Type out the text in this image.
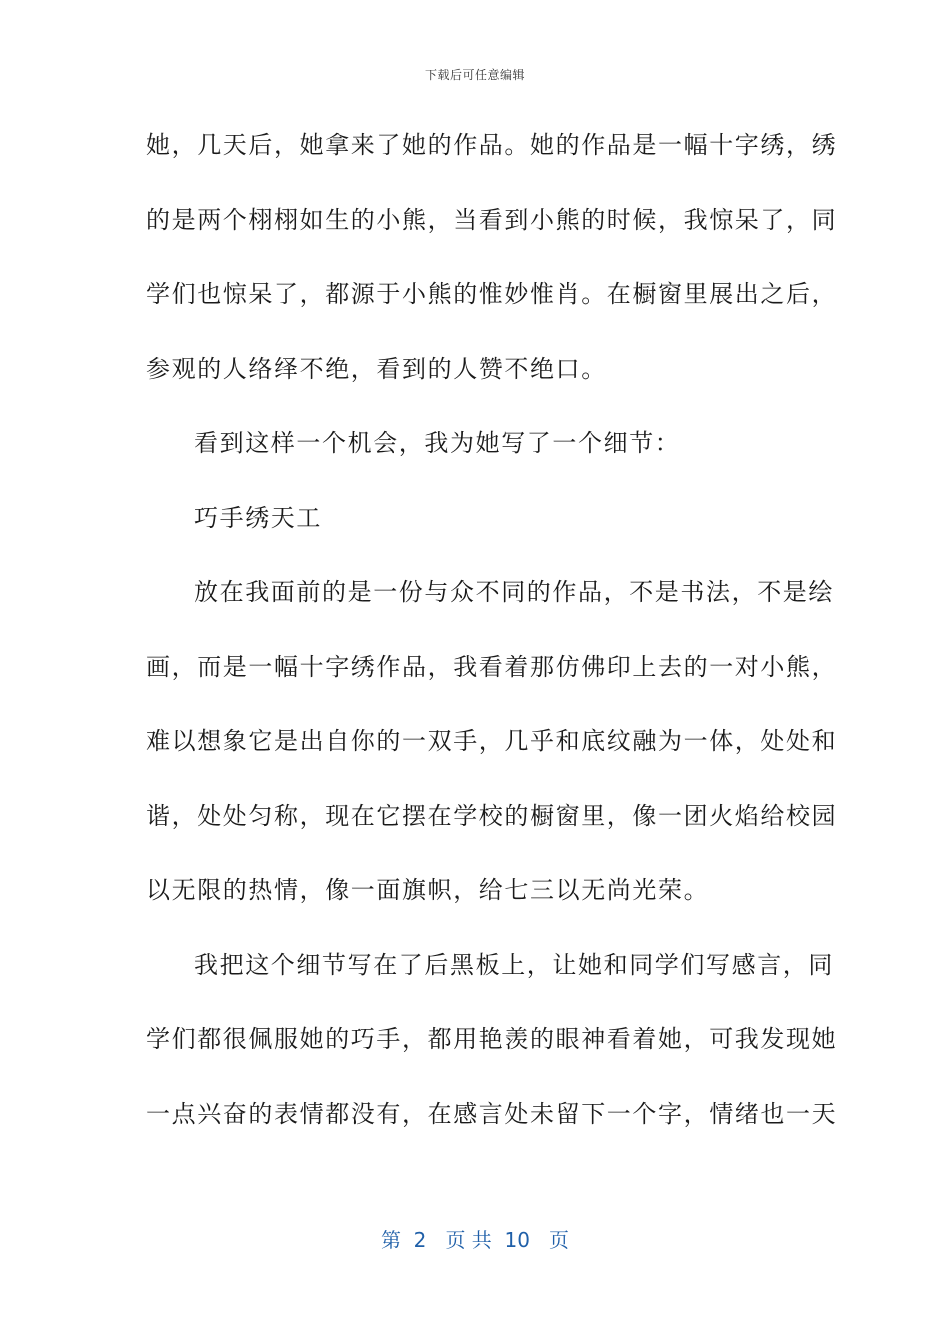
下载后可任意编辑
她，几天后，她拿来了她的作品。她的作品是一幅十字绣，绣
的是两个栩栩如生的小熊，当看到小熊的时候，我惊呆了，同
学们也惊呆了，都源于小熊的惟妙惟肖。在橱窗里展出之后，
参观的人络绎不绝，看到的人赞不绝口。
看到这样一个机会，我为她写了一个细节：
巧手绣天工
放在我面前的是一份与众不同的作品，不是书法，不是绘
画，而是一幅十字绣作品，我看着那仿佛印上去的一对小熊，
难以想象它是出自你的一双手，几乎和底纹融为一体，处处和
谐，处处匀称，现在它摆在学校的橱窗里，像一团火焰给校园
以无限的热情，像一面旗帜，给七三以无尚光荣。
我把这个细节写在了后黑板上，让她和同学们写感言，同
学们都很佩服她的巧手，都用艳羡的眼神看着她，可我发现她
一点兴奋的表情都没有，在感言处未留下一个字，情绪也一天
第  2   页 共  10   页
